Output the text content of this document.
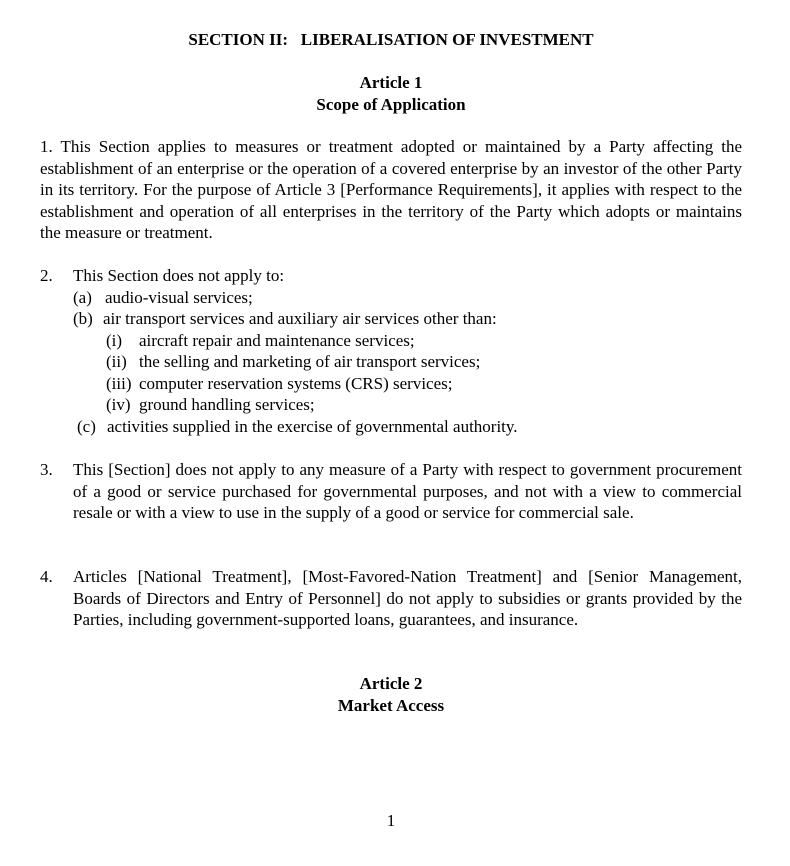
SECTION II:   LIBERALISATION OF INVESTMENT
Article 1
Scope of Application
1. This Section applies to measures or treatment adopted or maintained by a Party affecting the establishment of an enterprise or the operation of a covered enterprise by an investor of the other Party in its territory. For the purpose of Article 3 [Performance Requirements], it applies with respect to the establishment and operation of all enterprises in the territory of the Party which adopts or maintains the measure or treatment.
2. This Section does not apply to:
(a) audio-visual services;
(b) air transport services and auxiliary air services other than:
(i) aircraft repair and maintenance services;
(ii) the selling and marketing of air transport services;
(iii) computer reservation systems (CRS) services;
(iv) ground handling services;
(c) activities supplied in the exercise of governmental authority.
3. This [Section] does not apply to any measure of a Party with respect to government procurement of a good or service purchased for governmental purposes, and not with a view to commercial resale or with a view to use in the supply of a good or service for commercial sale.
4. Articles [National Treatment], [Most-Favored-Nation Treatment] and [Senior Management, Boards of Directors and Entry of Personnel] do not apply to subsidies or grants provided by the Parties, including government-supported loans, guarantees, and insurance.
Article 2
Market Access
1
